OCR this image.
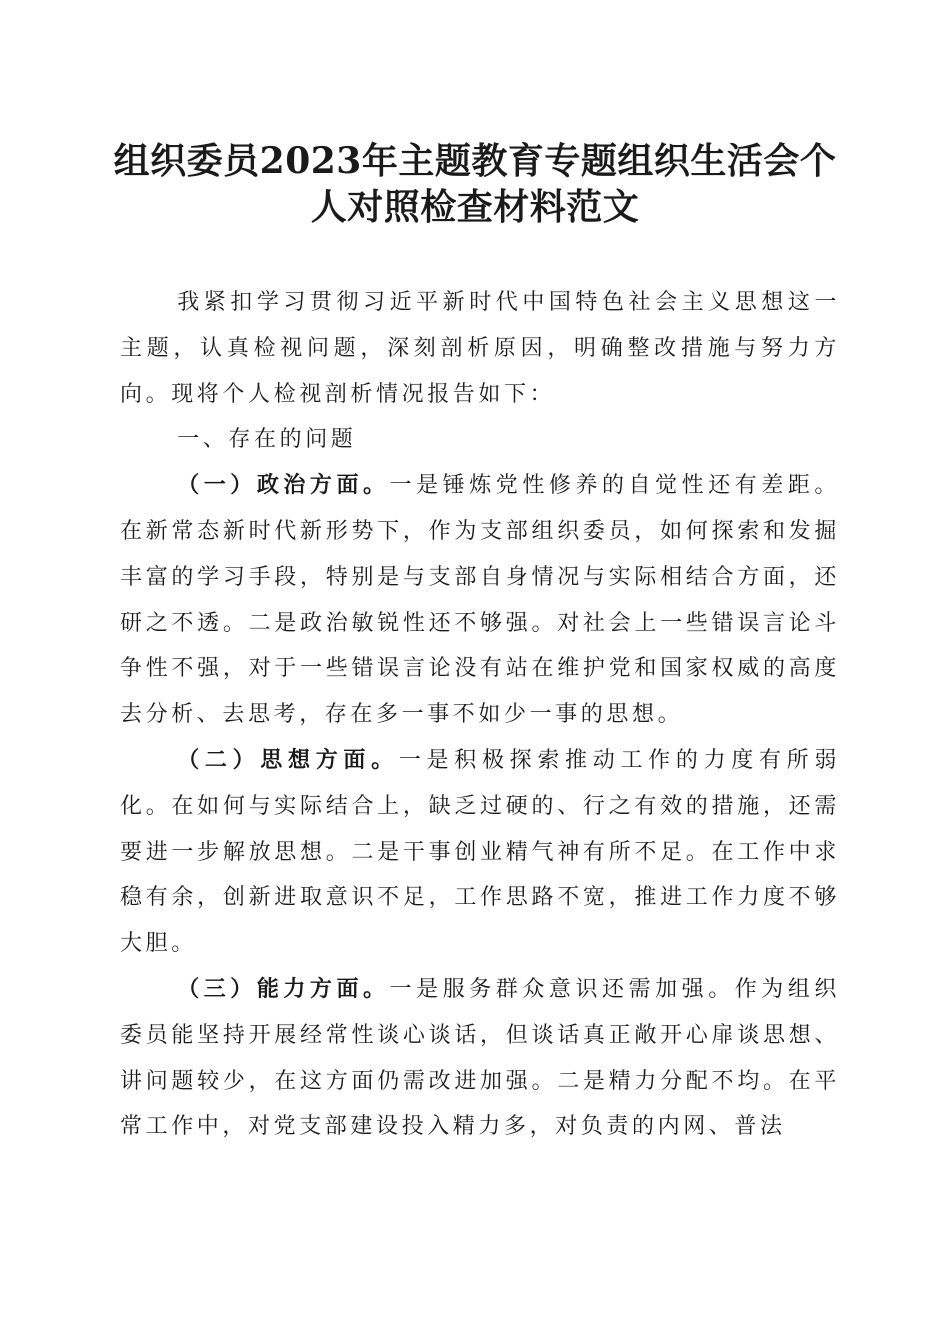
组织委员2023年主题教育专题组织生活会个
人对照检查材料范文

我紧扣学习贯彻习近平新时代中国特色社会主义思想这一主题，认真检视问题，深刻剖析原因，明确整改措施与努力方向。现将个人检视剖析情况报告如下：

一、存在的问题

（一）政治方面。一是锤炼党性修养的自觉性还有差距。在新常态新时代新形势下，作为支部组织委员，如何探索和发掘丰富的学习手段，特别是与支部自身情况与实际相结合方面，还研之不透。二是政治敏锐性还不够强。对社会上一些错误言论斗争性不强，对于一些错误言论没有站在维护党和国家权威的高度去分析、去思考，存在多一事不如少一事的思想。

（二）思想方面。一是积极探索推动工作的力度有所弱化。在如何与实际结合上，缺乏过硬的、行之有效的措施，还需要进一步解放思想。二是干事创业精气神有所不足。在工作中求稳有余，创新进取意识不足，工作思路不宽，推进工作力度不够大胆。

（三）能力方面。一是服务群众意识还需加强。作为组织委员能坚持开展经常性谈心谈话，但谈话真正敞开心扉谈思想、讲问题较少，在这方面仍需改进加强。二是精力分配不均。在平常工作中，对党支部建设投入精力多，对负责的内网、普法
